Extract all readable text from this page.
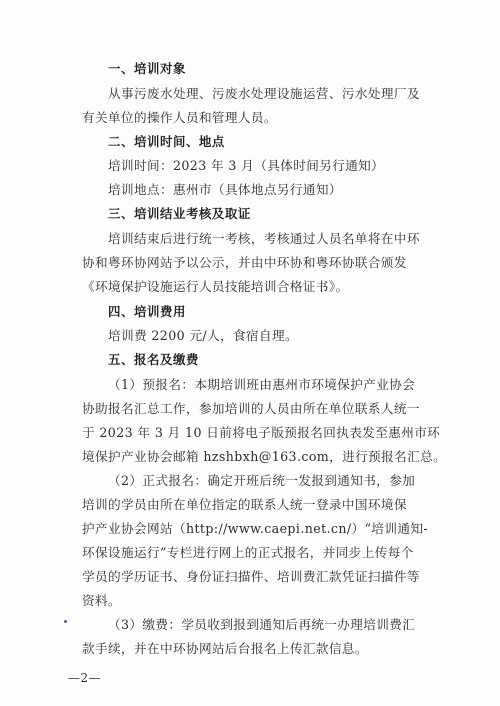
一、培训对象
从事污废水处理、污废水处理设施运营、污水处理厂及
有关单位的操作人员和管理人员。
二、培训时间、地点
培训时间：2023 年 3 月（具体时间另行通知）
培训地点：惠州市（具体地点另行通知）
三、培训结业考核及取证
培训结束后进行统一考核，考核通过人员名单将在中环
协和粤环协网站予以公示，并由中环协和粤环协联合颁发
《环境保护设施运行人员技能培训合格证书》。
四、培训费用
培训费 2200 元/人，食宿自理。
五、报名及缴费
（1）预报名：本期培训班由惠州市环境保护产业协会
协助报名汇总工作，参加培训的人员由所在单位联系人统一
于 2023 年 3 月 10 日前将电子版预报名回执表发至惠州市环
境保护产业协会邮箱 hzshbxh@163.com，进行预报名汇总。
（2）正式报名：确定开班后统一发报到通知书，参加
培训的学员由所在单位指定的联系人统一登录中国环境保
护产业协会网站（http://www.caepi.net.cn/）“培训通知-
环保设施运行”专栏进行网上的正式报名，并同步上传每个
学员的学历证书、身份证扫描件、培训费汇款凭证扫描件等
资料。
（3）缴费：学员收到报到通知后再统一办理培训费汇
款手续，并在中环协网站后台报名上传汇款信息。
—2—
